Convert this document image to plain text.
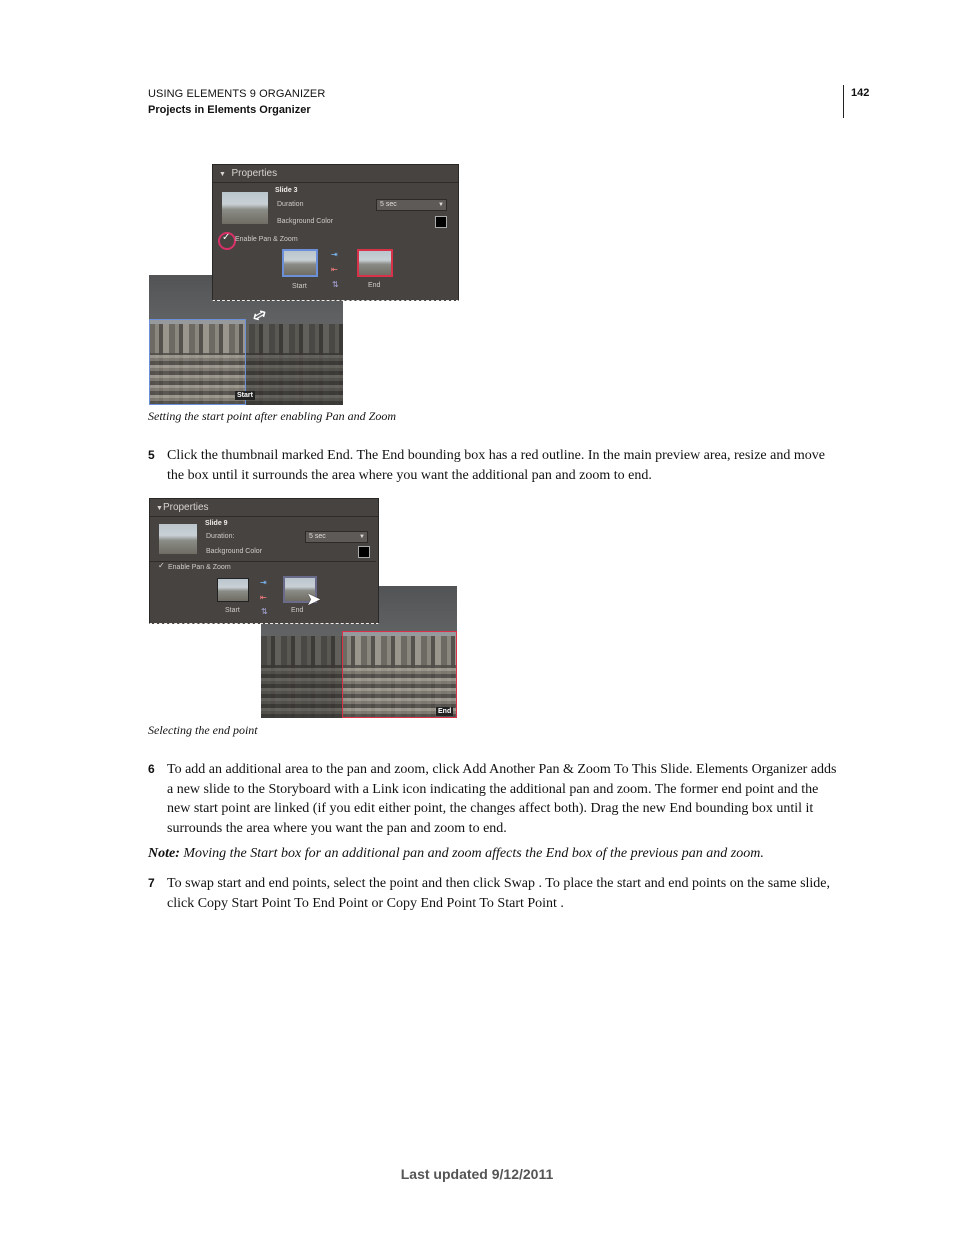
USING ELEMENTS 9 ORGANIZER
Projects in Elements Organizer
142
Start
⇔
▼ Properties
Slide 3
Duration	5 sec	▼
Background Color
✓ Enable Pan & Zoom
⇥
⇤
⇅
Start	End
Setting the start point after enabling Pan and Zoom
5 Click the thumbnail marked End. The End bounding box has a red outline. In the main preview area, resize and move the box until it surrounds the area where you want the additional pan and zoom to end.
End
▼Properties
Slide 9
Duration:	5 sec	▼
Background Color
✓ Enable Pan & Zoom
⇥
⇤
⇅
➤
Start	End
Selecting the end point
6 To add an additional area to the pan and zoom, click Add Another Pan & Zoom To This Slide. Elements Organizer adds a new slide to the Storyboard with a Link icon indicating the additional pan and zoom. The former end point and the new start point are linked (if you edit either point, the changes affect both). Drag the new End bounding box until it surrounds the area where you want the pan and zoom to end.
Note: Moving the Start box for an additional pan and zoom affects the End box of the previous pan and zoom.
7 To swap start and end points, select the point and then click Swap . To place the start and end points on the same slide, click Copy Start Point To End Point or Copy End Point To Start Point .
Last updated 9/12/2011
